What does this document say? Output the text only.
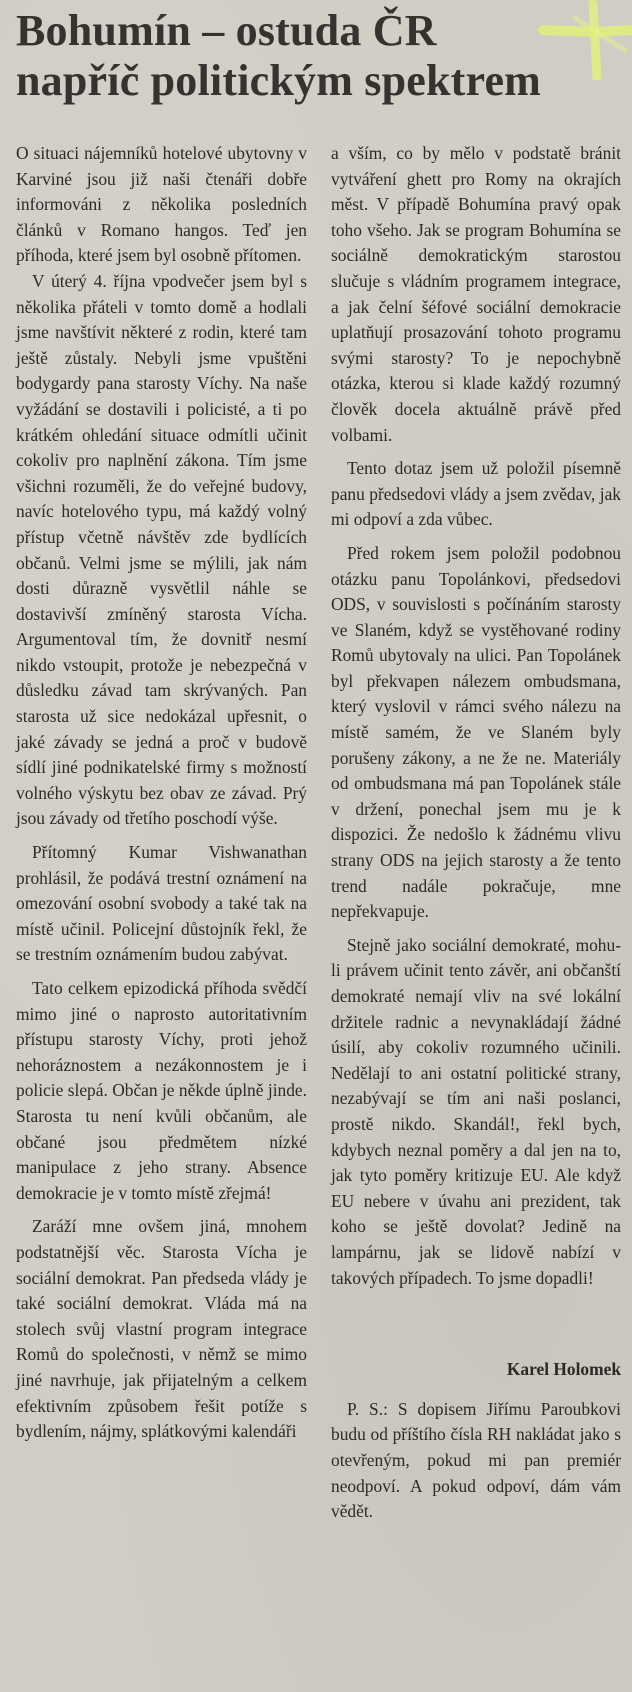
Bohumín – ostuda ČR
napříč politickým spektrem

O situaci nájemníků hotelové ubytovny v Karviné jsou již naši čtenáři dobře informováni z několika posledních článků v Romano hangos. Teď jen příhoda, které jsem byl osobně přítomen.

V úterý 4. října vpodvečer jsem byl s několika přáteli v tomto domě a hodlali jsme navštívit některé z rodin, které tam ještě zůstaly. Nebyli jsme vpuštěni bodygardy pana starosty Víchy. Na naše vyžádání se dostavili i policisté, a ti po krátkém ohledání situace odmítli učinit cokoliv pro naplnění zákona. Tím jsme všichni rozuměli, že do veřejné budovy, navíc hotelového typu, má každý volný přístup včetně návštěv zde bydlících občanů. Velmi jsme se mýlili, jak nám dosti důrazně vysvětlil náhle se dostavivší zmíněný starosta Vícha. Argumentoval tím, že dovnitř nesmí nikdo vstoupit, protože je nebezpečná v důsledku závad tam skrývaných. Pan starosta už sice nedokázal upřesnit, o jaké závady se jedná a proč v budově sídlí jiné podnikatelské firmy s možností volného výskytu bez obav ze závad. Prý jsou závady od třetího poschodí výše.

Přítomný Kumar Vishwanathan prohlásil, že podává trestní oznámení na omezování osobní svobody a také tak na místě učinil. Policejní důstojník řekl, že se trestním oznámením budou zabývat.

Tato celkem epizodická příhoda svědčí mimo jiné o naprosto autoritativním přístupu starosty Víchy, proti jehož nehoráznostem a nezákonnostem je i policie slepá. Občan je někde úplně jinde. Starosta tu není kvůli občanům, ale občané jsou předmětem nízké manipulace z jeho strany. Absence demokracie je v tomto místě zřejmá!

Zaráží mne ovšem jiná, mnohem podstatnější věc. Starosta Vícha je sociální demokrat. Pan předseda vlády je také sociální demokrat. Vláda má na stolech svůj vlastní program integrace Romů do společnosti, v němž se mimo jiné navrhuje, jak přijatelným a celkem efektivním způsobem řešit potíže s bydlením, nájmy, splátkovými kalendáři

a vším, co by mělo v podstatě bránit vytváření ghett pro Romy na okrajích měst. V případě Bohumína pravý opak toho všeho. Jak se program Bohumína se sociálně demokratickým starostou slučuje s vládním programem integrace, a jak čelní šéfové sociální demokracie uplatňují prosazování tohoto programu svými starosty? To je nepochybně otázka, kterou si klade každý rozumný člověk docela aktuálně právě před volbami.

Tento dotaz jsem už položil písemně panu předsedovi vlády a jsem zvědav, jak mi odpoví a zda vůbec.

Před rokem jsem položil podobnou otázku panu Topolánkovi, předsedovi ODS, v souvislosti s počínáním starosty ve Slaném, když se vystěhované rodiny Romů ubytovaly na ulici. Pan Topolánek byl překvapen nálezem ombudsmana, který vyslovil v rámci svého nálezu na místě samém, že ve Slaném byly porušeny zákony, a ne že ne. Materiály od ombudsmana má pan Topolánek stále v držení, ponechal jsem mu je k dispozici. Že nedošlo k žádnému vlivu strany ODS na jejich starosty a že tento trend nadále pokračuje, mne nepřekvapuje.

Stejně jako sociální demokraté, mohu-li právem učinit tento závěr, ani občanští demokraté nemají vliv na své lokální držitele radnic a nevynakládají žádné úsilí, aby cokoliv rozumného učinili. Nedělají to ani ostatní politické strany, nezabývají se tím ani naši poslanci, prostě nikdo. Skandál!, řekl bych, kdybych neznal poměry a dal jen na to, jak tyto poměry kritizuje EU. Ale když EU nebere v úvahu ani prezident, tak koho se ještě dovolat? Jedině na lampárnu, jak se lidově nabízí v takových případech. To jsme dopadli!

Karel Holomek

P. S.: S dopisem Jiřímu Paroubkovi budu od příštího čísla RH nakládat jako s otevřeným, pokud mi pan premiér neodpoví. A pokud odpoví, dám vám vědět.
